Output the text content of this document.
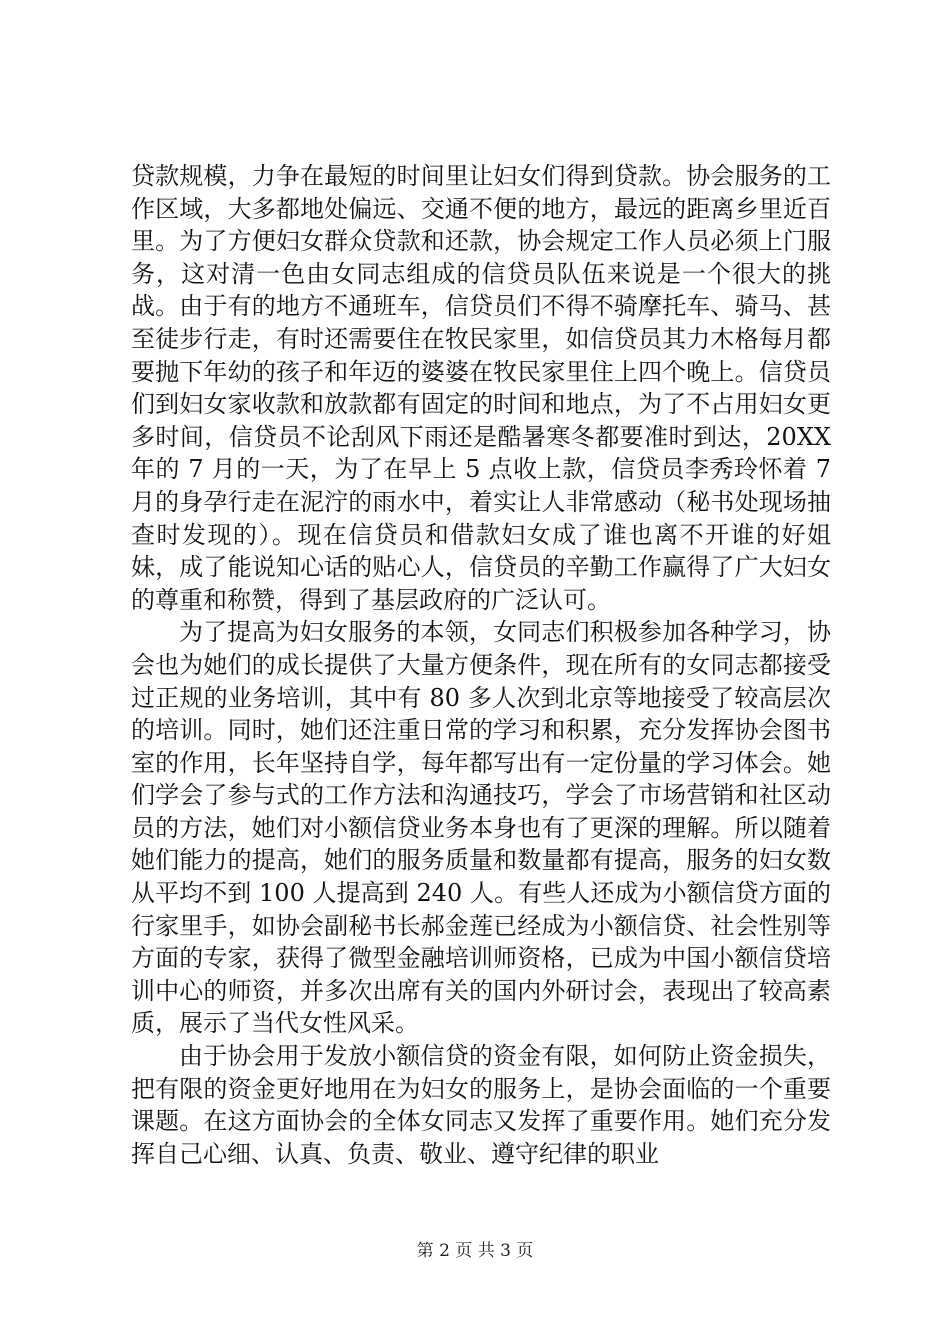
贷款规模，力争在最短的时间里让妇女们得到贷款。协会服务的工作区域，大多都地处偏远、交通不便的地方，最远的距离乡里近百里。为了方便妇女群众贷款和还款，协会规定工作人员必须上门服务，这对清一色由女同志组成的信贷员队伍来说是一个很大的挑战。由于有的地方不通班车，信贷员们不得不骑摩托车、骑马、甚至徒步行走，有时还需要住在牧民家里，如信贷员其力木格每月都要抛下年幼的孩子和年迈的婆婆在牧民家里住上四个晚上。信贷员们到妇女家收款和放款都有固定的时间和地点，为了不占用妇女更多时间，信贷员不论刮风下雨还是酷暑寒冬都要准时到达，20XX 年的 7 月的一天，为了在早上 5 点收上款，信贷员李秀玲怀着 7 月的身孕行走在泥泞的雨水中，着实让人非常感动（秘书处现场抽查时发现的）。现在信贷员和借款妇女成了谁也离不开谁的好姐妹，成了能说知心话的贴心人，信贷员的辛勤工作赢得了广大妇女的尊重和称赞，得到了基层政府的广泛认可。

为了提高为妇女服务的本领，女同志们积极参加各种学习，协会也为她们的成长提供了大量方便条件，现在所有的女同志都接受过正规的业务培训，其中有 80 多人次到北京等地接受了较高层次的培训。同时，她们还注重日常的学习和积累，充分发挥协会图书室的作用，长年坚持自学，每年都写出有一定份量的学习体会。她们学会了参与式的工作方法和沟通技巧，学会了市场营销和社区动员的方法，她们对小额信贷业务本身也有了更深的理解。所以随着她们能力的提高，她们的服务质量和数量都有提高，服务的妇女数从平均不到 100 人提高到 240 人。有些人还成为小额信贷方面的行家里手，如协会副秘书长郝金莲已经成为小额信贷、社会性别等方面的专家，获得了微型金融培训师资格，已成为中国小额信贷培训中心的师资，并多次出席有关的国内外研讨会，表现出了较高素质，展示了当代女性风采。

由于协会用于发放小额信贷的资金有限，如何防止资金损失，把有限的资金更好地用在为妇女的服务上，是协会面临的一个重要课题。在这方面协会的全体女同志又发挥了重要作用。她们充分发挥自己心细、认真、负责、敬业、遵守纪律的职业

第 2 页 共 3 页
